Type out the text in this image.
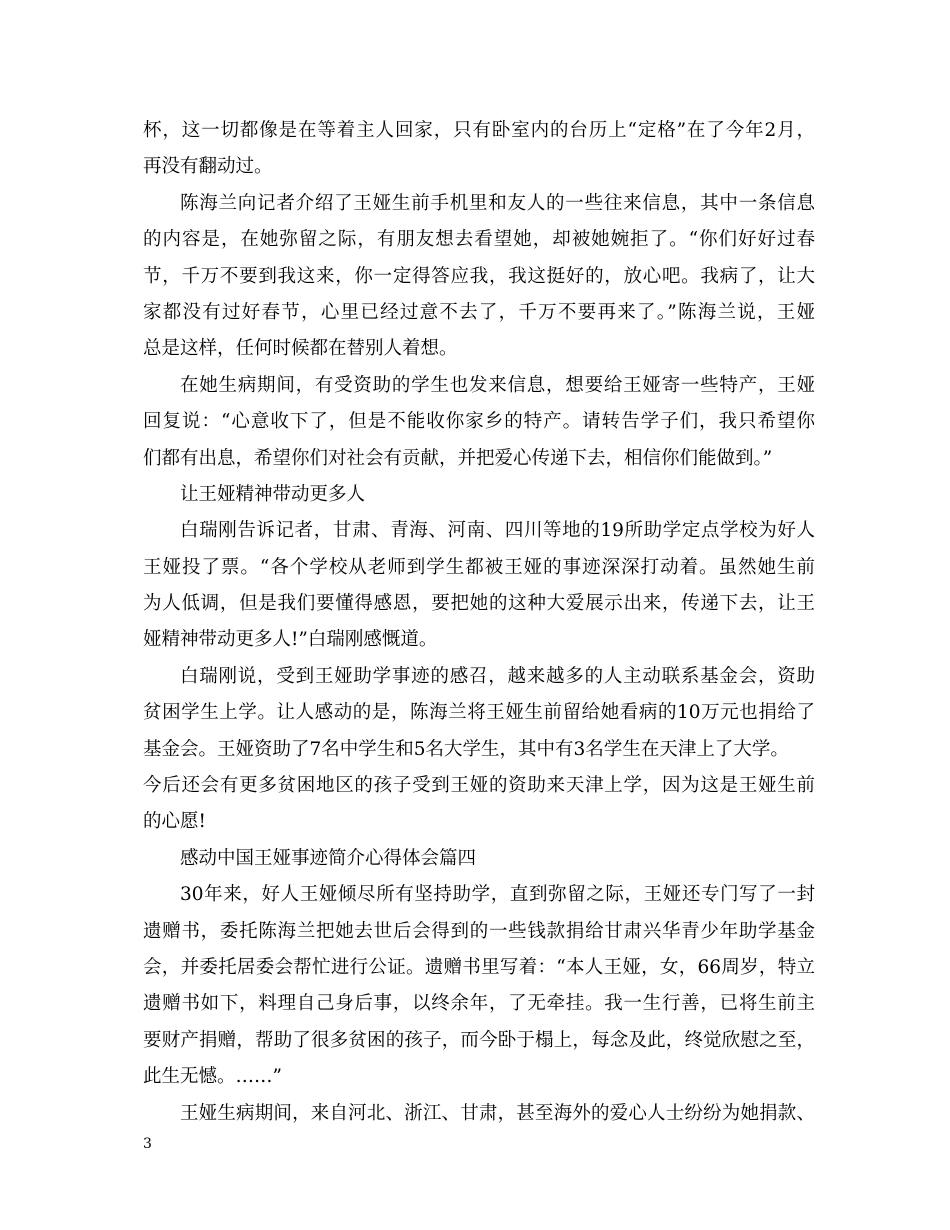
杯，这一切都像是在等着主人回家，只有卧室内的台历上“定格”在了今年2月，
再没有翻动过。
陈海兰向记者介绍了王娅生前手机里和友人的一些往来信息，其中一条信息
的内容是，在她弥留之际，有朋友想去看望她，却被她婉拒了。“你们好好过春
节，千万不要到我这来，你一定得答应我，我这挺好的，放心吧。我病了，让大
家都没有过好春节，心里已经过意不去了，千万不要再来了。”陈海兰说，王娅
总是这样，任何时候都在替别人着想。
在她生病期间，有受资助的学生也发来信息，想要给王娅寄一些特产，王娅
回复说：“心意收下了，但是不能收你家乡的特产。请转告学子们，我只希望你
们都有出息，希望你们对社会有贡献，并把爱心传递下去，相信你们能做到。”
让王娅精神带动更多人
白瑞刚告诉记者，甘肃、青海、河南、四川等地的19所助学定点学校为好人
王娅投了票。“各个学校从老师到学生都被王娅的事迹深深打动着。虽然她生前
为人低调，但是我们要懂得感恩，要把她的这种大爱展示出来，传递下去，让王
娅精神带动更多人!”白瑞刚感慨道。
白瑞刚说，受到王娅助学事迹的感召，越来越多的人主动联系基金会，资助
贫困学生上学。让人感动的是，陈海兰将王娅生前留给她看病的10万元也捐给了
基金会。王娅资助了7名中学生和5名大学生，其中有3名学生在天津上了大学。
今后还会有更多贫困地区的孩子受到王娅的资助来天津上学，因为这是王娅生前
的心愿!
感动中国王娅事迹简介心得体会篇四
30年来，好人王娅倾尽所有坚持助学，直到弥留之际，王娅还专门写了一封
遗赠书，委托陈海兰把她去世后会得到的一些钱款捐给甘肃兴华青少年助学基金
会，并委托居委会帮忙进行公证。遗赠书里写着：“本人王娅，女，66周岁，特立
遗赠书如下，料理自己身后事，以终余年，了无牵挂。我一生行善，已将生前主
要财产捐赠，帮助了很多贫困的孩子，而今卧于榻上，每念及此，终觉欣慰之至，
此生无憾。……”
王娅生病期间，来自河北、浙江、甘肃，甚至海外的爱心人士纷纷为她捐款、
3
